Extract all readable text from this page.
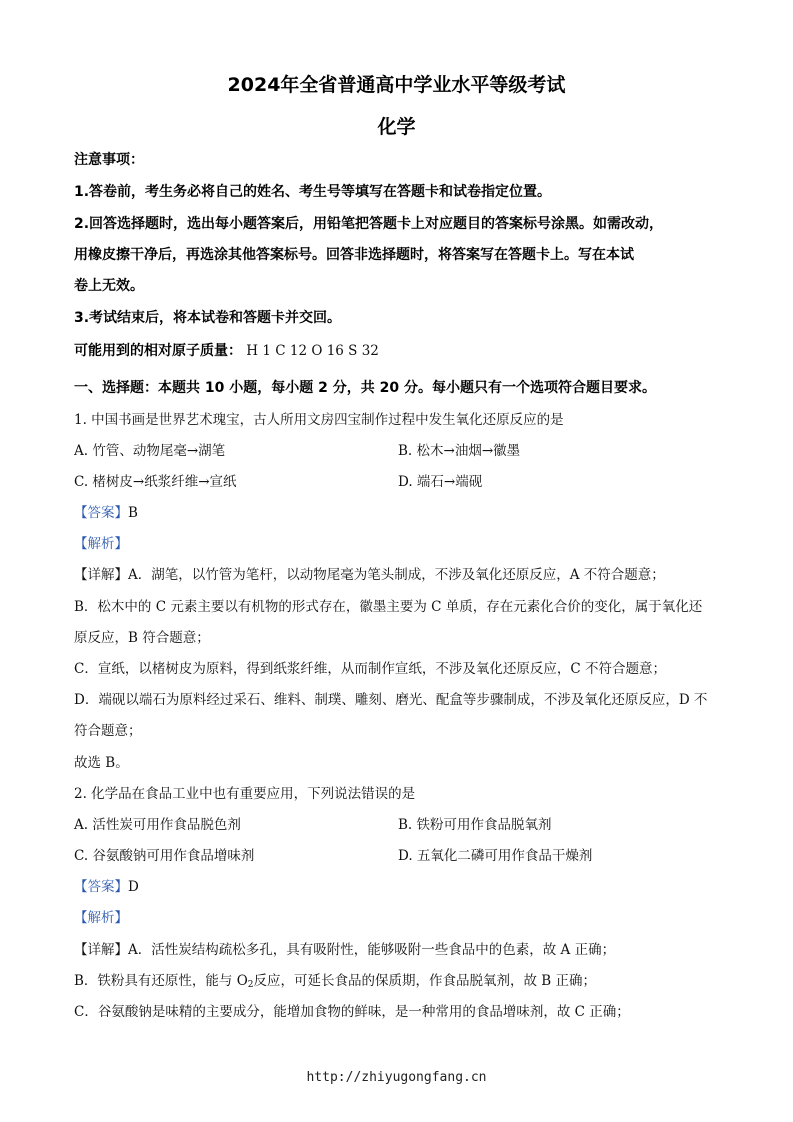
2024年全省普通高中学业水平等级考试
化学
注意事项：
1.答卷前，考生务必将自己的姓名、考生号等填写在答题卡和试卷指定位置。
2.回答选择题时，选出每小题答案后，用铅笔把答题卡上对应题目的答案标号涂黑。如需改动，
用橡皮擦干净后，再选涂其他答案标号。回答非选择题时，将答案写在答题卡上。写在本试
卷上无效。
3.考试结束后，将本试卷和答题卡并交回。
可能用到的相对原子质量： H 1 C 12 O 16 S 32
一、选择题：本题共 10 小题，每小题 2 分，共 20 分。每小题只有一个选项符合题目要求。
1. 中国书画是世界艺术瑰宝，古人所用文房四宝制作过程中发生氧化还原反应的是
A. 竹管、动物尾毫→湖笔	B. 松木→油烟→徽墨
C. 楮树皮→纸浆纤维→宣纸	D. 端石→端砚
【答案】B
【解析】
【详解】A．湖笔，以竹管为笔杆，以动物尾毫为笔头制成，不涉及氧化还原反应，A 不符合题意；
B．松木中的 C 元素主要以有机物的形式存在，徽墨主要为 C 单质，存在元素化合价的变化，属于氧化还
原反应，B 符合题意；
C．宣纸，以楮树皮为原料，得到纸浆纤维，从而制作宣纸，不涉及氧化还原反应，C 不符合题意；
D．端砚以端石为原料经过采石、维料、制璞、雕刻、磨光、配盒等步骤制成，不涉及氧化还原反应，D 不
符合题意；
故选 B。
2. 化学品在食品工业中也有重要应用，下列说法错误的是
A. 活性炭可用作食品脱色剂	B. 铁粉可用作食品脱氧剂
C. 谷氨酸钠可用作食品增味剂	D. 五氧化二磷可用作食品干燥剂
【答案】D
【解析】
【详解】A．活性炭结构疏松多孔，具有吸附性，能够吸附一些食品中的色素，故 A 正确；
B．铁粉具有还原性，能与 $O_2$反应，可延长食品的保质期，作食品脱氧剂，故 B 正确；
C．谷氨酸钠是味精的主要成分，能增加食物的鲜味，是一种常用的食品增味剂，故 C 正确；
http://zhiyugongfang.cn
